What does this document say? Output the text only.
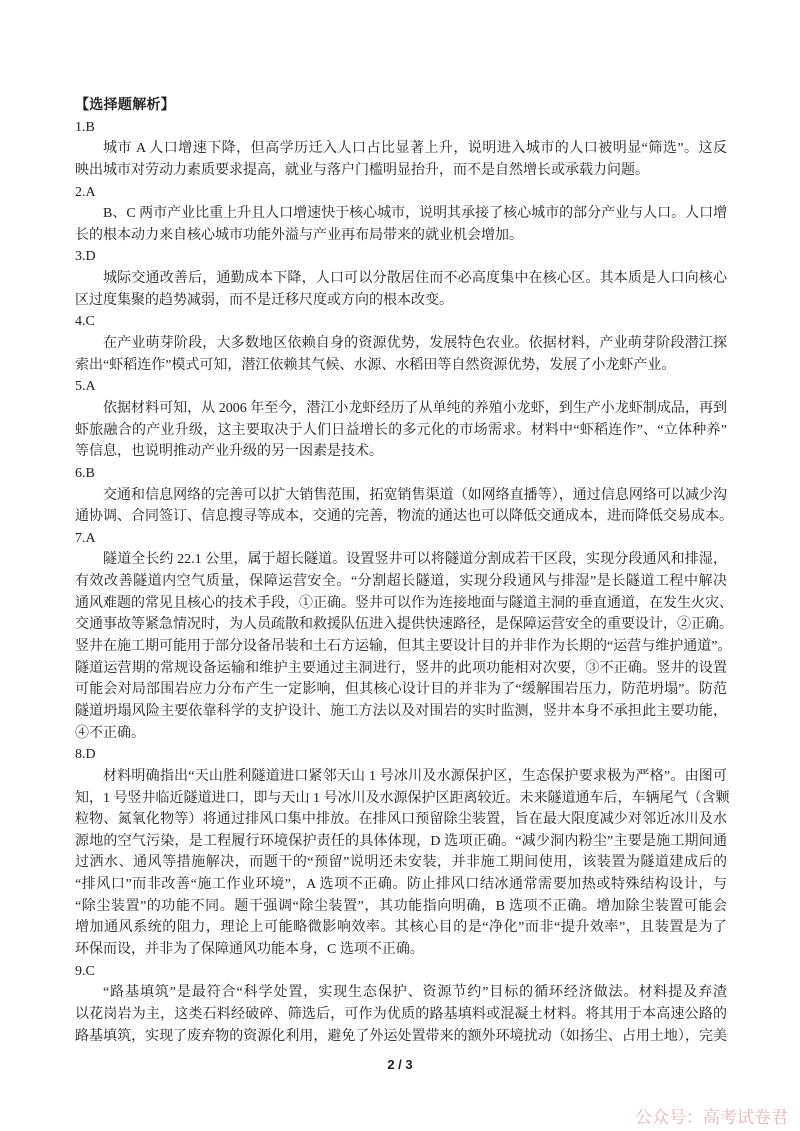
【选择题解析】
1.B
城市 A 人口增速下降，但高学历迁入人口占比显著上升，说明进入城市的人口被明显“筛选”。这反
映出城市对劳动力素质要求提高，就业与落户门槛明显抬升，而不是自然增长或承载力问题。
2.A
B、C 两市产业比重上升且人口增速快于核心城市，说明其承接了核心城市的部分产业与人口。人口增
长的根本动力来自核心城市功能外溢与产业再布局带来的就业机会增加。
3.D
城际交通改善后，通勤成本下降，人口可以分散居住而不必高度集中在核心区。其本质是人口向核心
区过度集聚的趋势减弱，而不是迁移尺度或方向的根本改变。
4.C
在产业萌芽阶段，大多数地区依赖自身的资源优势，发展特色农业。依据材料，产业萌芽阶段潜江探
索出“虾稻连作”模式可知，潜江依赖其气候、水源、水稻田等自然资源优势，发展了小龙虾产业。
5.A
依据材料可知，从 2006 年至今，潜江小龙虾经历了从单纯的养殖小龙虾，到生产小龙虾制成品，再到
虾旅融合的产业升级，这主要取决于人们日益增长的多元化的市场需求。材料中“虾稻连作”、“立体种养”
等信息，也说明推动产业升级的另一因素是技术。
6.B
交通和信息网络的完善可以扩大销售范围，拓宽销售渠道（如网络直播等），通过信息网络可以减少沟
通协调、合同签订、信息搜寻等成本，交通的完善，物流的通达也可以降低交通成本，进而降低交易成本。
7.A
隧道全长约 22.1 公里，属于超长隧道。设置竖井可以将隧道分割成若干区段，实现分段通风和排湿，
有效改善隧道内空气质量，保障运营安全。“分割超长隧道，实现分段通风与排湿”是长隧道工程中解决
通风难题的常见且核心的技术手段，①正确。竖井可以作为连接地面与隧道主洞的垂直通道，在发生火灾、
交通事故等紧急情况时，为人员疏散和救援队伍进入提供快速路径，是保障运营安全的重要设计，②正确。
竖井在施工期可能用于部分设备吊装和土石方运输，但其主要设计目的并非作为长期的“运营与维护通道”。
隧道运营期的常规设备运输和维护主要通过主洞进行，竖井的此项功能相对次要，③不正确。竖井的设置
可能会对局部围岩应力分布产生一定影响，但其核心设计目的并非为了“缓解围岩压力，防范坍塌”。防范
隧道坍塌风险主要依靠科学的支护设计、施工方法以及对围岩的实时监测，竖井本身不承担此主要功能，
④不正确。
8.D
材料明确指出“天山胜利隧道进口紧邻天山 1 号冰川及水源保护区，生态保护要求极为严格”。由图可
知，1 号竖井临近隧道进口，即与天山 1 号冰川及水源保护区距离较近。未来隧道通车后，车辆尾气（含颗
粒物、氮氧化物等）将通过排风口集中排放。在排风口预留除尘装置，旨在最大限度减少对邻近冰川及水
源地的空气污染，是工程履行环境保护责任的具体体现，D 选项正确。“减少洞内粉尘”主要是施工期间通
过洒水、通风等措施解决，而题干的“预留”说明还未安装，并非施工期间使用，该装置为隧道建成后的
“排风口”而非改善“施工作业环境”，A 选项不正确。防止排风口结冰通常需要加热或特殊结构设计，与
“除尘装置”的功能不同。题干强调“除尘装置”，其功能指向明确，B 选项不正确。增加除尘装置可能会
增加通风系统的阻力，理论上可能略微影响效率。其核心目的是“净化”而非“提升效率”，且装置是为了
环保而设，并非为了保障通风功能本身，C 选项不正确。
9.C
“路基填筑”是最符合“科学处置，实现生态保护、资源节约”目标的循环经济做法。材料提及弃渣
以花岗岩为主，这类石料经破碎、筛选后，可作为优质的路基填料或混凝土材料。将其用于本高速公路的
路基填筑，实现了废弃物的资源化利用，避免了外运处置带来的额外环境扰动（如扬尘、占用土地），完美
2 / 3
公众号：高考试卷君
